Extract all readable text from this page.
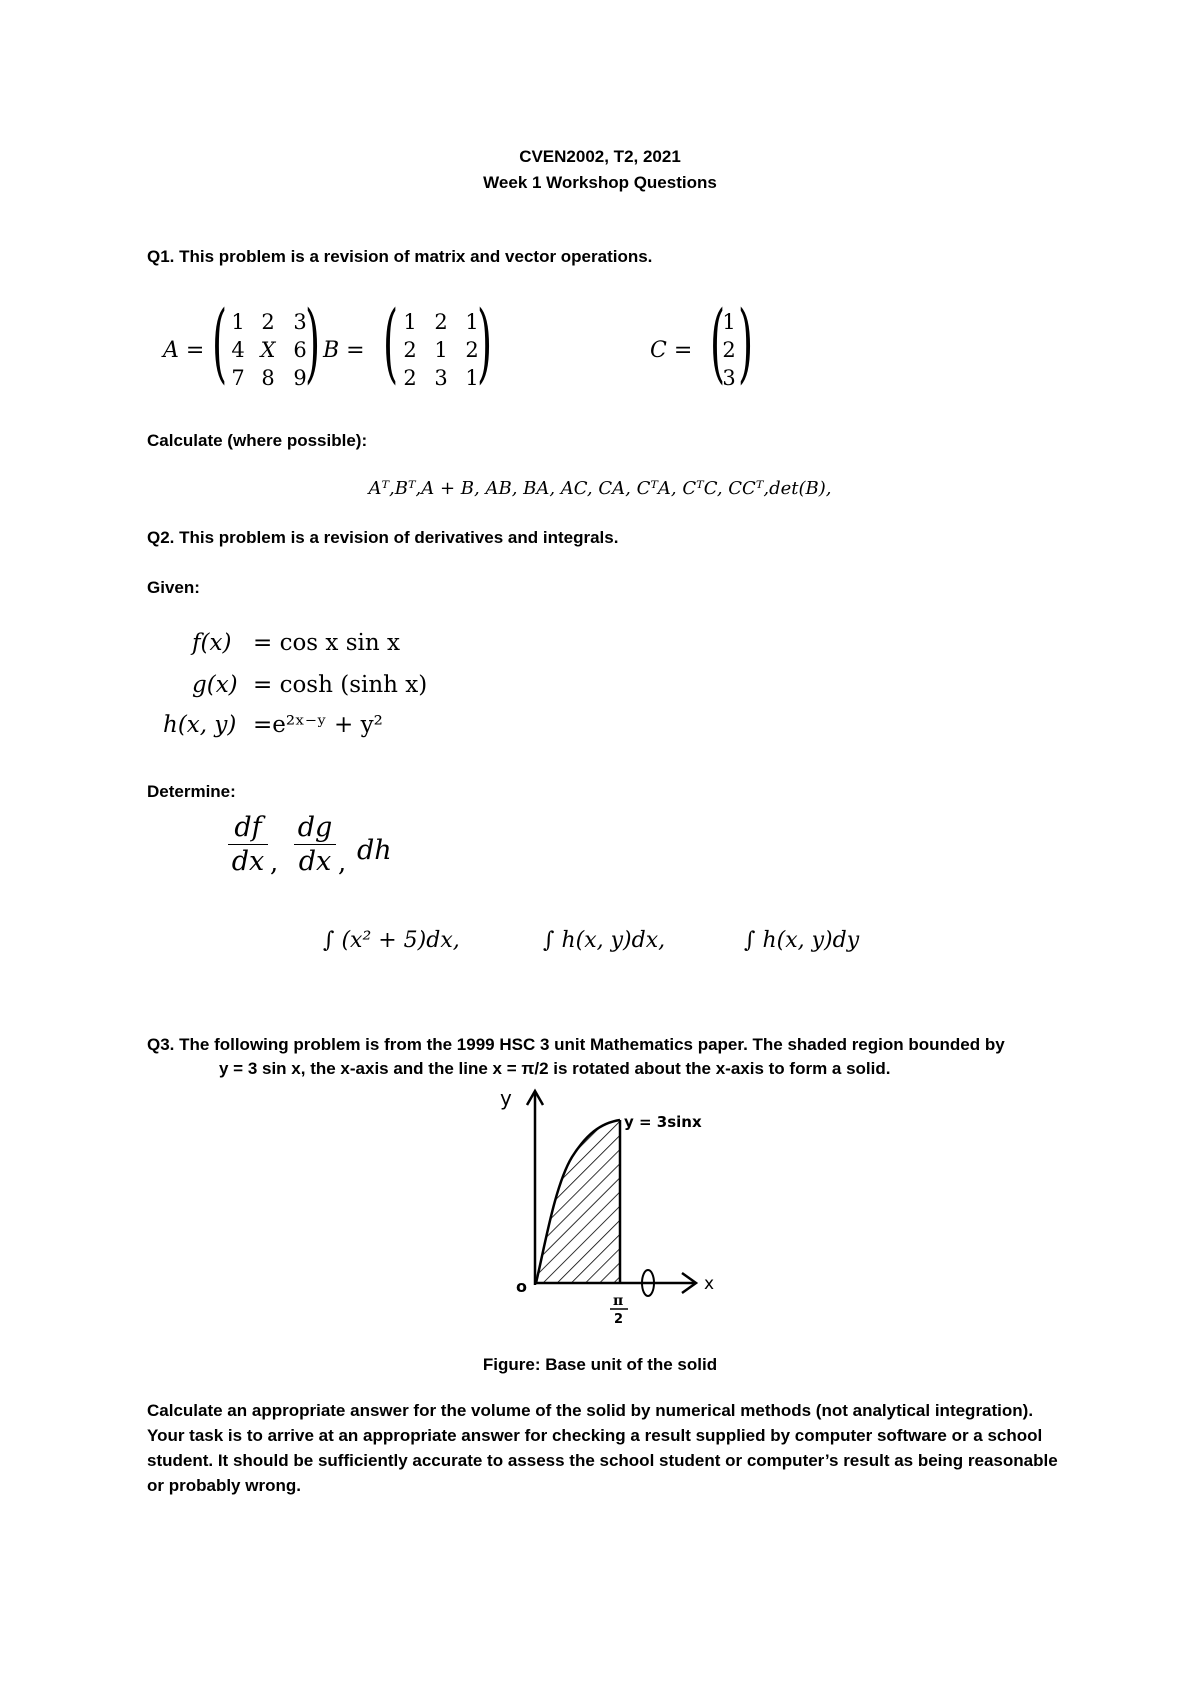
CVEN2002, T2, 2021
Week 1 Workshop Questions
Q1. This problem is a revision of matrix and vector operations.
A = ( )
1 2 3
4 X 6
7 8 9
B = ( )
1 2 1
2 1 2
2 3 1
C = ( )
1
2
3
Calculate (where possible):
Aᵀ,Bᵀ,A + B, AB, BA, AC, CA, CᵀA, CᵀC, CCᵀ,det(B),
Q2. This problem is a revision of derivatives and integrals.
Given:
f(x) = cos x sin x
g(x) = cosh (sinh x)
h(x, y) =e²ˣ⁻ʸ + y²
Determine:
df
dx ,
dg
dx , dh
∫ (x² + 5)dx,	∫ h(x, y)dx,	∫ h(x, y)dy
Q3. The following problem is from the 1999 HSC 3 unit Mathematics paper. The shaded region bounded by
y = 3 sin x, the x-axis and the line x = π/2 is rotated about the x-axis to form a solid.
y
x
o
y = 3sinx
π
2
Figure: Base unit of the solid
Calculate an appropriate answer for the volume of the solid by numerical methods (not analytical integration). Your task is to arrive at an appropriate answer for checking a result supplied by computer software or a school student. It should be sufficiently accurate to assess the school student or computer’s result as being reasonable or probably wrong.
